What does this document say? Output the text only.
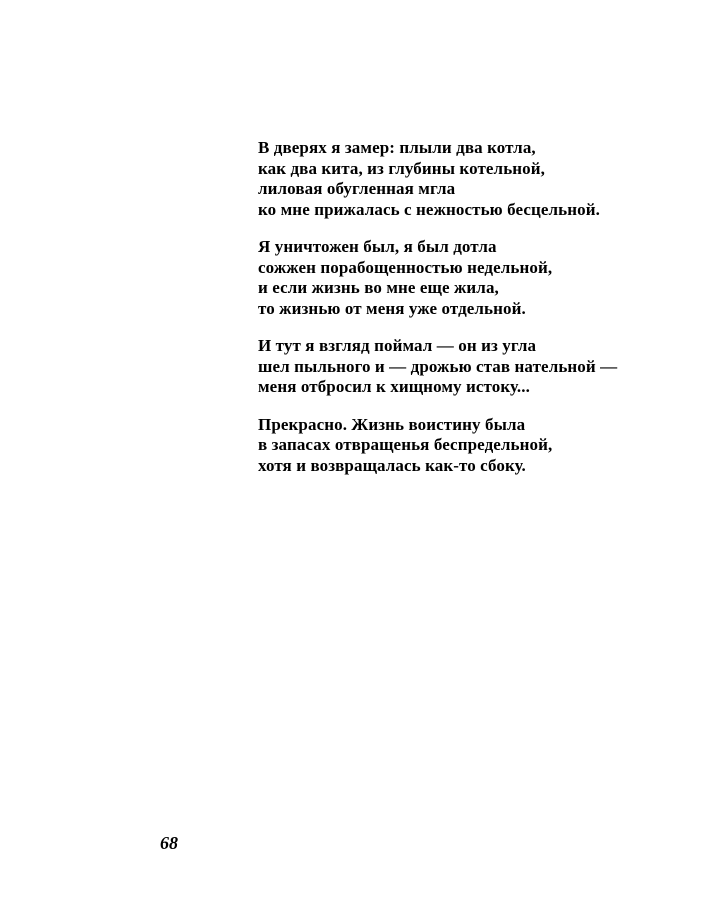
В дверях я замер: плыли два котла,
как два кита, из глубины котельной,
лиловая обугленная мгла
ко мне прижалась с нежностью бесцельной.
Я уничтожен был, я был дотла
сожжен порабощенностью недельной,
и если жизнь во мне еще жила,
то жизнью от меня уже отдельной.
И тут я взгляд поймал — он из угла
шел пыльного и — дрожью став нательной —
меня отбросил к хищному истоку...
Прекрасно. Жизнь воистину была
в запасах отвращенья беспредельной,
хотя и возвращалась как-то сбоку.
68
